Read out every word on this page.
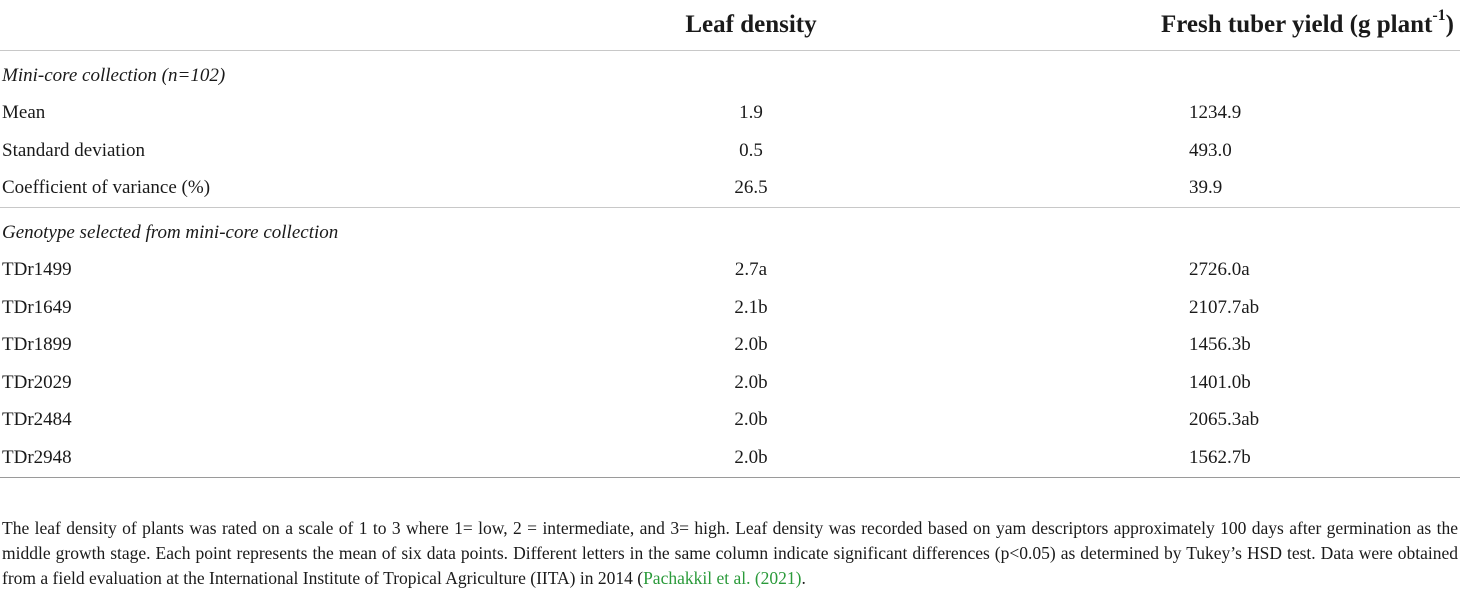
	Leaf density	Fresh tuber yield (g plant$^{-1}$)
Mini-core collection (n=102)		
Mean	1.9	1234.9
Standard deviation	0.5	493.0
Coefficient of variance (%)	26.5	39.9
Genotype selected from mini-core collection		
TDr1499	2.7a	2726.0a
TDr1649	2.1b	2107.7ab
TDr1899	2.0b	1456.3b
TDr2029	2.0b	1401.0b
TDr2484	2.0b	2065.3ab
TDr2948	2.0b	1562.7b
The leaf density of plants was rated on a scale of 1 to 3 where 1= low, 2 = intermediate, and 3= high. Leaf density was recorded based on yam descriptors approximately 100 days after germination as the middle growth stage. Each point represents the mean of six data points. Different letters in the same column indicate significant differences (p<0.05) as determined by Tukey’s HSD test. Data were obtained from a field evaluation at the International Institute of Tropical Agriculture (IITA) in 2014 (Pachakkil et al. (2021).
